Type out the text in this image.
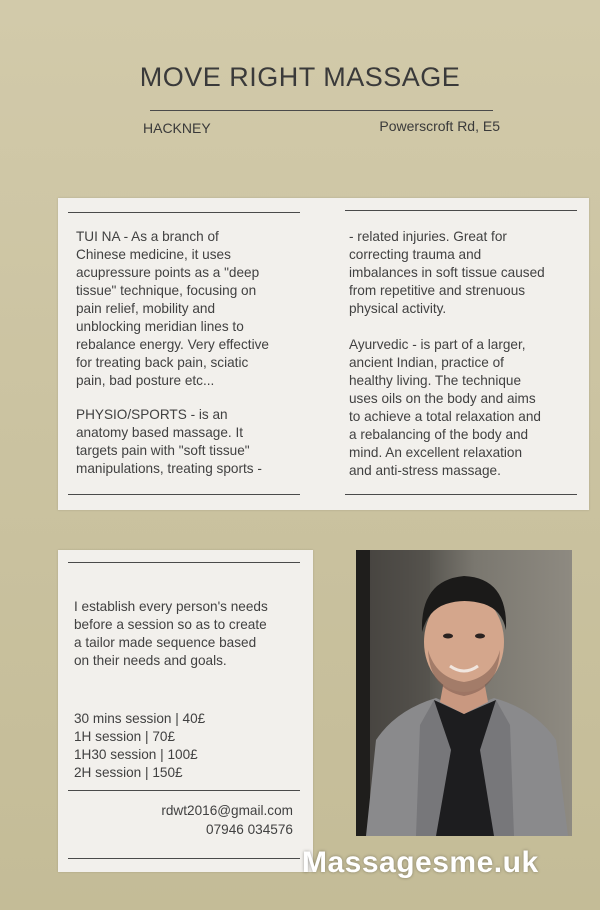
MOVE RIGHT MASSAGE
HACKNEY	Powerscroft Rd, E5
TUI NA - As a branch of
Chinese medicine, it uses
acupressure points as a "deep
tissue" technique, focusing on
pain relief, mobility and
unblocking meridian lines to
rebalance energy. Very effective
for treating back pain, sciatic
pain, bad posture etc...
PHYSIO/SPORTS - is an
anatomy based massage. It
targets pain with "soft tissue"
manipulations, treating sports -
- related injuries. Great for
correcting trauma and
imbalances in soft tissue caused
from repetitive and strenuous
physical activity.
Ayurvedic - is part of a larger,
ancient Indian, practice of
healthy living. The technique
uses oils on the body and aims
to achieve a total relaxation and
a rebalancing of the body and
mind. An excellent relaxation
and anti-stress massage.
I establish every person's needs
before a session so as to create
a tailor made sequence based
on their needs and goals.
30 mins session | 40£
1H session | 70£
1H30 session | 100£
2H session | 150£
rdwt2016@gmail.com
07946 034576
Massagesme.uk
